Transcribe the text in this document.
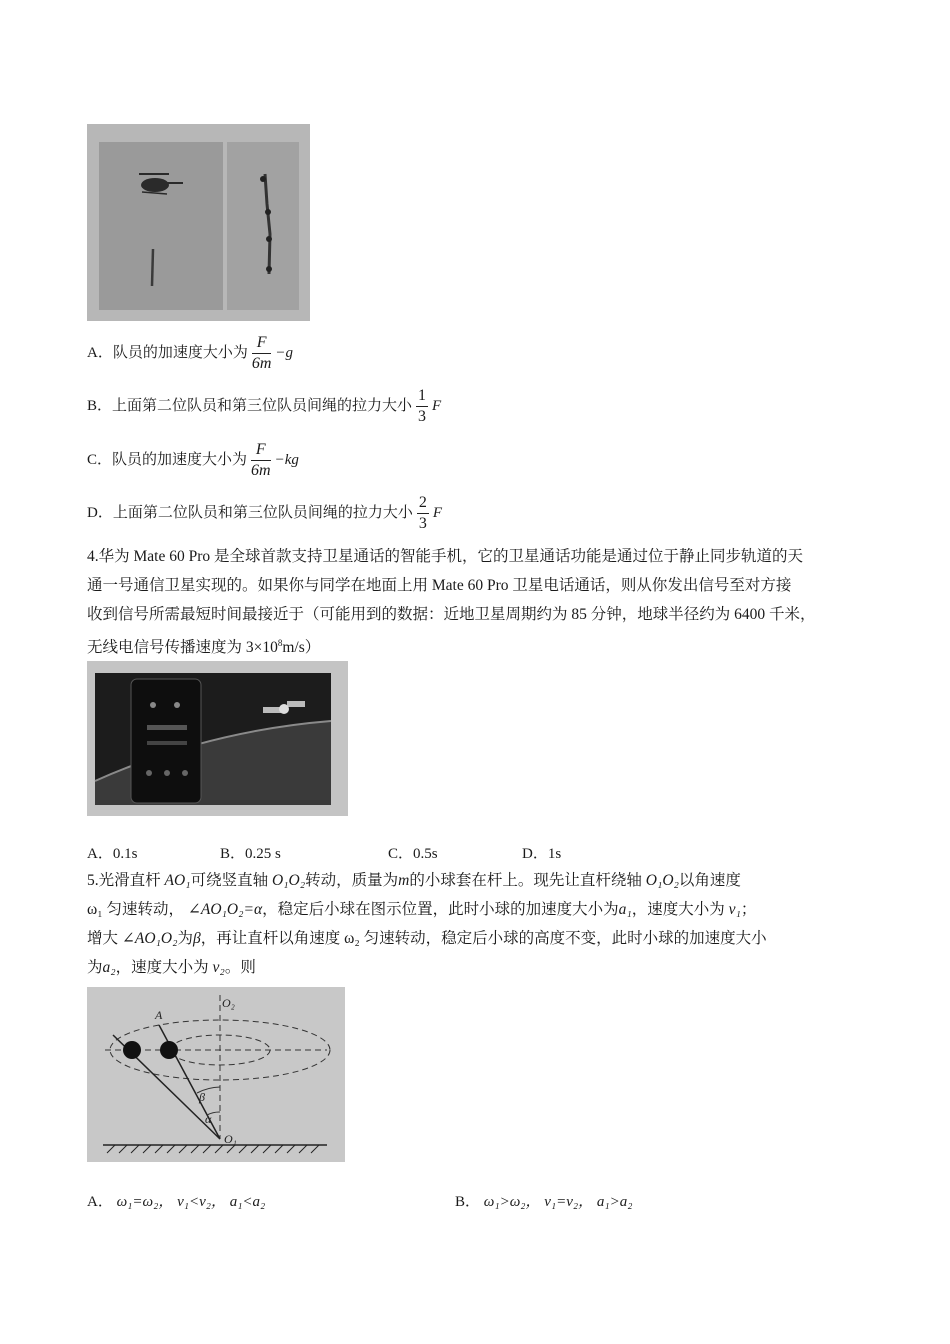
A． 队员的加速度大小为 $\frac{F}{6m} -g$
B． 上面第二位队员和第三位队员间绳的拉力大小 $\frac{1}{3}$ F
C． 队员的加速度大小为 $\frac{F}{6m} -kg$
D． 上面第二位队员和第三位队员间绳的拉力大小 $\frac{2}{3}$ F
4.华为 Mate 60 Pro 是全球首款支持卫星通话的智能手机，它的卫星通话功能是通过位于静止同步轨道的天
通一号通信卫星实现的。如果你与同学在地面上用 Mate 60 Pro 卫星电话通话，则从你发出信号至对方接
收到信号所需最短时间最接近于（可能用到的数据：近地卫星周期约为 85 分钟，地球半径约为 6400 千米，
无线电信号传播速度为 $3\times 10^8m/s$）
A．0.1s	B．0.25 s	C．0.5s	D．1s
5.光滑直杆 AO₁可绕竖直轴 O₁O₂转动，质量为m的小球套在杆上。现先让直杆绕轴 O₁O₂以角速度
ω₁ 匀速转动， ∠AO₁O₂=α，稳定后小球在图示位置，此时小球的加速度大小为a₁，速度大小为 v₁；
增大 ∠AO₁O₂为β，再让直杆以角速度 ω₂ 匀速转动，稳定后小球的高度不变，此时小球的加速度大小
为a₂，速度大小为 v₂。则
O₂
A
β
α
O₁
A． ω₁=ω₂， v₁<v₂， a₁<a₂	B． ω₁>ω₂， v₁=v₂， a₁>a₂
